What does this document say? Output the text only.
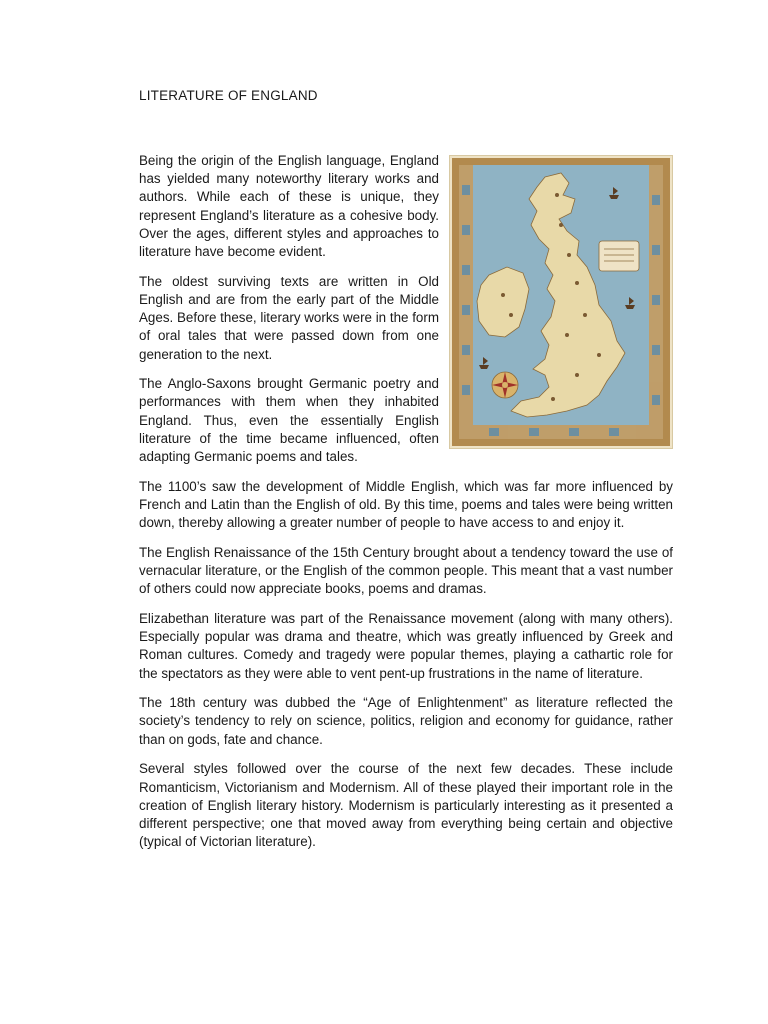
LITERATURE OF ENGLAND

Being the origin of the English language, England has yielded many noteworthy literary works and authors. While each of these is unique, they represent England’s literature as a cohesive body. Over the ages, different styles and approaches to literature have become evident.

The oldest surviving texts are written in Old English and are from the early part of the Middle Ages. Before these, literary works were in the form of oral tales that were passed down from one generation to the next.

The Anglo-Saxons brought Germanic poetry and performances with them when they inhabited England. Thus, even the essentially English literature of the time became influenced, often adapting Germanic poems and tales.

The 1100’s saw the development of Middle English, which was far more influenced by French and Latin than the English of old. By this time, poems and tales were being written down, thereby allowing a greater number of people to have access to and enjoy it.

The English Renaissance of the 15th Century brought about a tendency toward the use of vernacular literature, or the English of the common people. This meant that a vast number of others could now appreciate books, poems and dramas.

Elizabethan literature was part of the Renaissance movement (along with many others). Especially popular was drama and theatre, which was greatly influenced by Greek and Roman cultures. Comedy and tragedy were popular themes, playing a cathartic role for the spectators as they were able to vent pent-up frustrations in the name of literature.

The 18th century was dubbed the “Age of Enlightenment” as literature reflected the society’s tendency to rely on science, politics, religion and economy for guidance, rather than on gods, fate and chance.

Several styles followed over the course of the next few decades. These include Romanticism, Victorianism and Modernism. All of these played their important role in the creation of English literary history. Modernism is particularly interesting as it presented a different perspective; one that moved away from everything being certain and objective (typical of Victorian literature).
